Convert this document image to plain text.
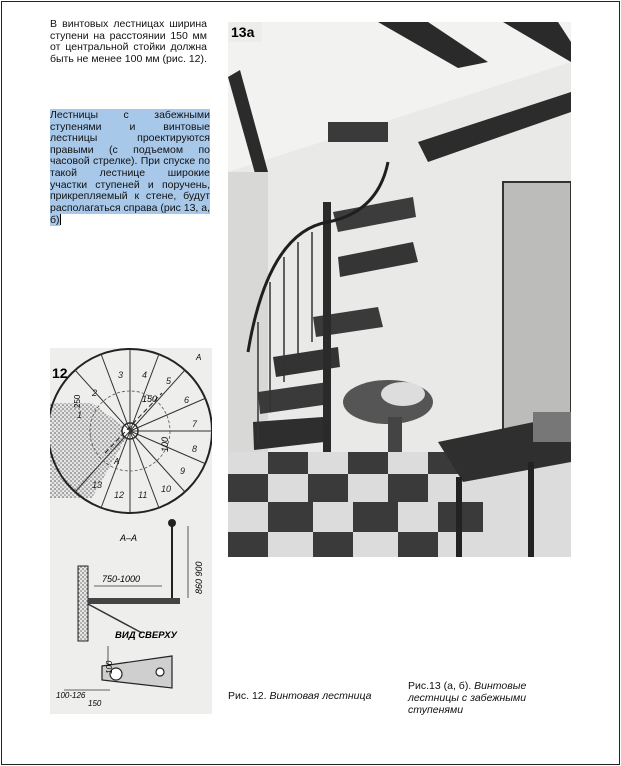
В винтовых лестницах ширина ступени на расстоянии 150 мм от центральной стойки должна быть не менее 100 мм (рис. 12).
Лестницы с забежными ступенями и винтовые лестницы проектируются правыми (с подъемом по часовой стрелке). При спуске по такой лестнице широкие участки ступеней и поручень, прикрепляемый к стене, будут располагаться справа (рис 13, а, б)
12
А
А
1
2
3 4
5
6
7
8
9
10
11
12
13
150
100
250
А–А
750-1000	860 900
ВИД СВЕРХУ
100
100-126
150
13а
Рис. 12. Винтовая лестница
Рис.13 (а, б). Винтовые лестницы с забежными ступенями
